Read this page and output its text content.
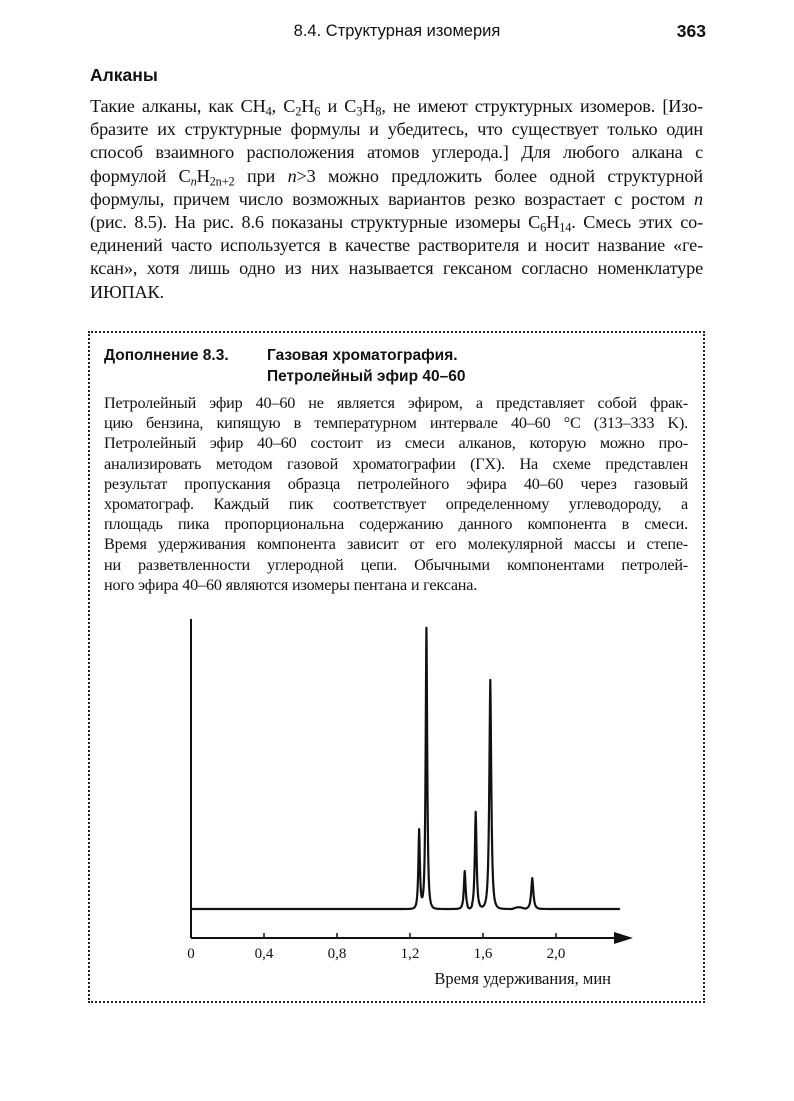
8.4. Структурная изомерия	363
Алканы
Такие алканы, как $CH_4$, $C_2H_6$ и $C_3H_8$, не имеют структурных изомеров. [Изо-
бразите их структурные формулы и убедитесь, что существует только один
способ взаимного расположения атомов углерода.] Для любого алкана с
формулой $C_nH_{2n+2}$ при n>3 можно предложить более одной структурной
формулы, причем число возможных вариантов резко возрастает с ростом n
(рис. 8.5). На рис. 8.6 показаны структурные изомеры $C_6H_{14}$. Смесь этих со-
единений часто используется в качестве растворителя и носит название «ге-
ксан», хотя лишь одно из них называется гексаном согласно номенклатуре
ИЮПАК.
Дополнение 8.3. Газовая хроматография.
Петролейный эфир 40–60
Петролейный эфир 40–60 не является эфиром, а представляет собой фрак-
цию бензина, кипящую в температурном интервале 40–60 °С (313–333 K).
Петролейный эфир 40–60 состоит из смеси алканов, которую можно про-
анализировать методом газовой хроматографии (ГХ). На схеме представлен
результат пропускания образца петролейного эфира 40–60 через газовый
хроматограф. Каждый пик соответствует определенному углеводороду, а
площадь пика пропорциональна содержанию данного компонента в смеси.
Время удерживания компонента зависит от его молекулярной массы и степе-
ни разветвленности углеродной цепи. Обычными компонентами петролей-
ного эфира 40–60 являются изомеры пентана и гексана.
0	0,4	0,8	1,2	1,6	2,0
Время удерживания, мин
